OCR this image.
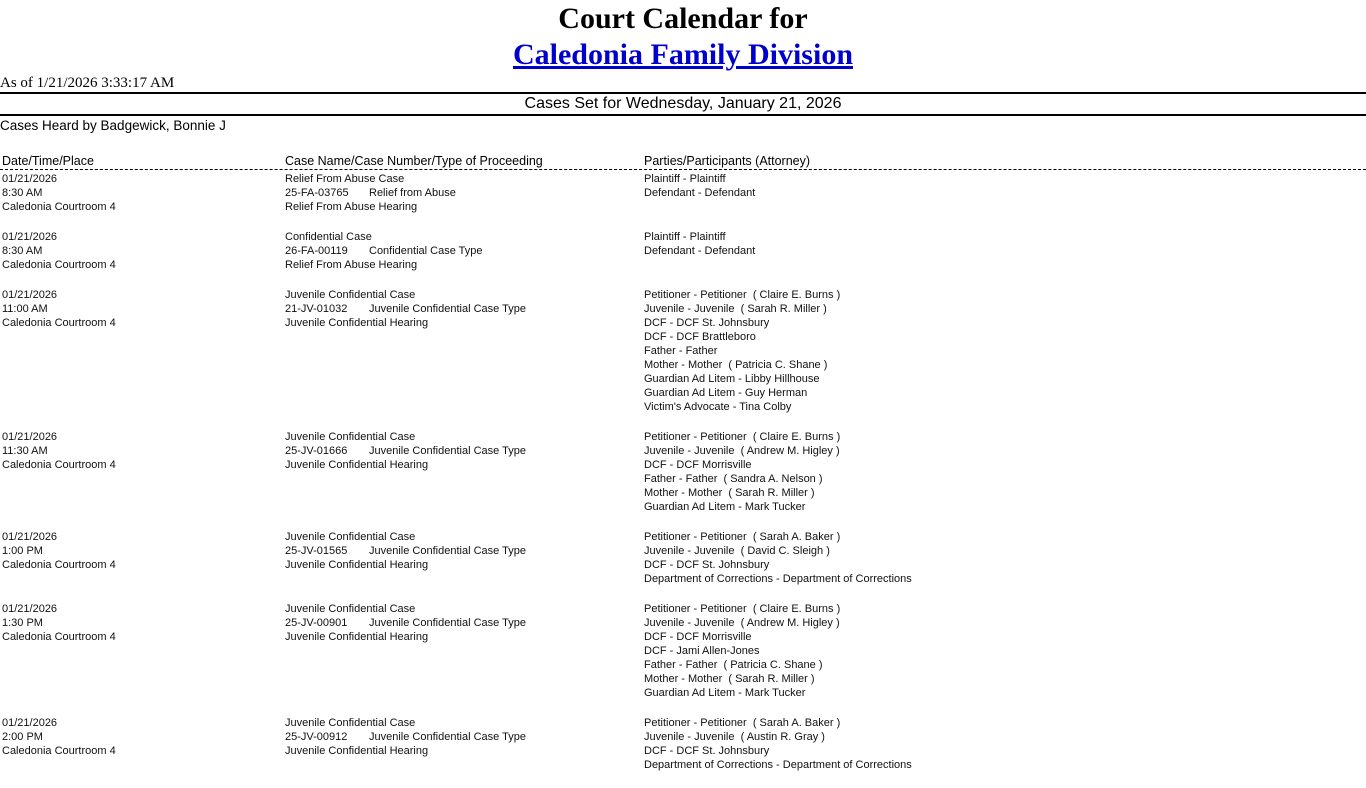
Court Calendar for
Caledonia Family Division
As of 1/21/2026 3:33:17 AM
Cases Set for Wednesday, January 21, 2026
Cases Heard by Badgewick, Bonnie J
Date/Time/Place	Case Name/Case Number/Type of Proceeding	Parties/Participants (Attorney)
01/21/2026
8:30 AM
Caledonia Courtroom 4
Relief From Abuse Case
25-FA-03765 Relief from Abuse
Relief From Abuse Hearing
Plaintiff - Plaintiff
Defendant - Defendant
01/21/2026
8:30 AM
Caledonia Courtroom 4
Confidential Case
26-FA-00119 Confidential Case Type
Relief From Abuse Hearing
Plaintiff - Plaintiff
Defendant - Defendant
01/21/2026
11:00 AM
Caledonia Courtroom 4
Juvenile Confidential Case
21-JV-01032 Juvenile Confidential Case Type
Juvenile Confidential Hearing
Petitioner - Petitioner  ( Claire E. Burns )
Juvenile - Juvenile  ( Sarah R. Miller )
DCF - DCF St. Johnsbury
DCF - DCF Brattleboro
Father - Father
Mother - Mother  ( Patricia C. Shane )
Guardian Ad Litem - Libby Hillhouse
Guardian Ad Litem - Guy Herman
Victim's Advocate - Tina Colby
01/21/2026
11:30 AM
Caledonia Courtroom 4
Juvenile Confidential Case
25-JV-01666 Juvenile Confidential Case Type
Juvenile Confidential Hearing
Petitioner - Petitioner  ( Claire E. Burns )
Juvenile - Juvenile  ( Andrew M. Higley )
DCF - DCF Morrisville
Father - Father  ( Sandra A. Nelson )
Mother - Mother  ( Sarah R. Miller )
Guardian Ad Litem - Mark Tucker
01/21/2026
1:00 PM
Caledonia Courtroom 4
Juvenile Confidential Case
25-JV-01565 Juvenile Confidential Case Type
Juvenile Confidential Hearing
Petitioner - Petitioner  ( Sarah A. Baker )
Juvenile - Juvenile  ( David C. Sleigh )
DCF - DCF St. Johnsbury
Department of Corrections - Department of Corrections
01/21/2026
1:30 PM
Caledonia Courtroom 4
Juvenile Confidential Case
25-JV-00901 Juvenile Confidential Case Type
Juvenile Confidential Hearing
Petitioner - Petitioner  ( Claire E. Burns )
Juvenile - Juvenile  ( Andrew M. Higley )
DCF - DCF Morrisville
DCF - Jami Allen-Jones
Father - Father  ( Patricia C. Shane )
Mother - Mother  ( Sarah R. Miller )
Guardian Ad Litem - Mark Tucker
01/21/2026
2:00 PM
Caledonia Courtroom 4
Juvenile Confidential Case
25-JV-00912 Juvenile Confidential Case Type
Juvenile Confidential Hearing
Petitioner - Petitioner  ( Sarah A. Baker )
Juvenile - Juvenile  ( Austin R. Gray )
DCF - DCF St. Johnsbury
Department of Corrections - Department of Corrections
